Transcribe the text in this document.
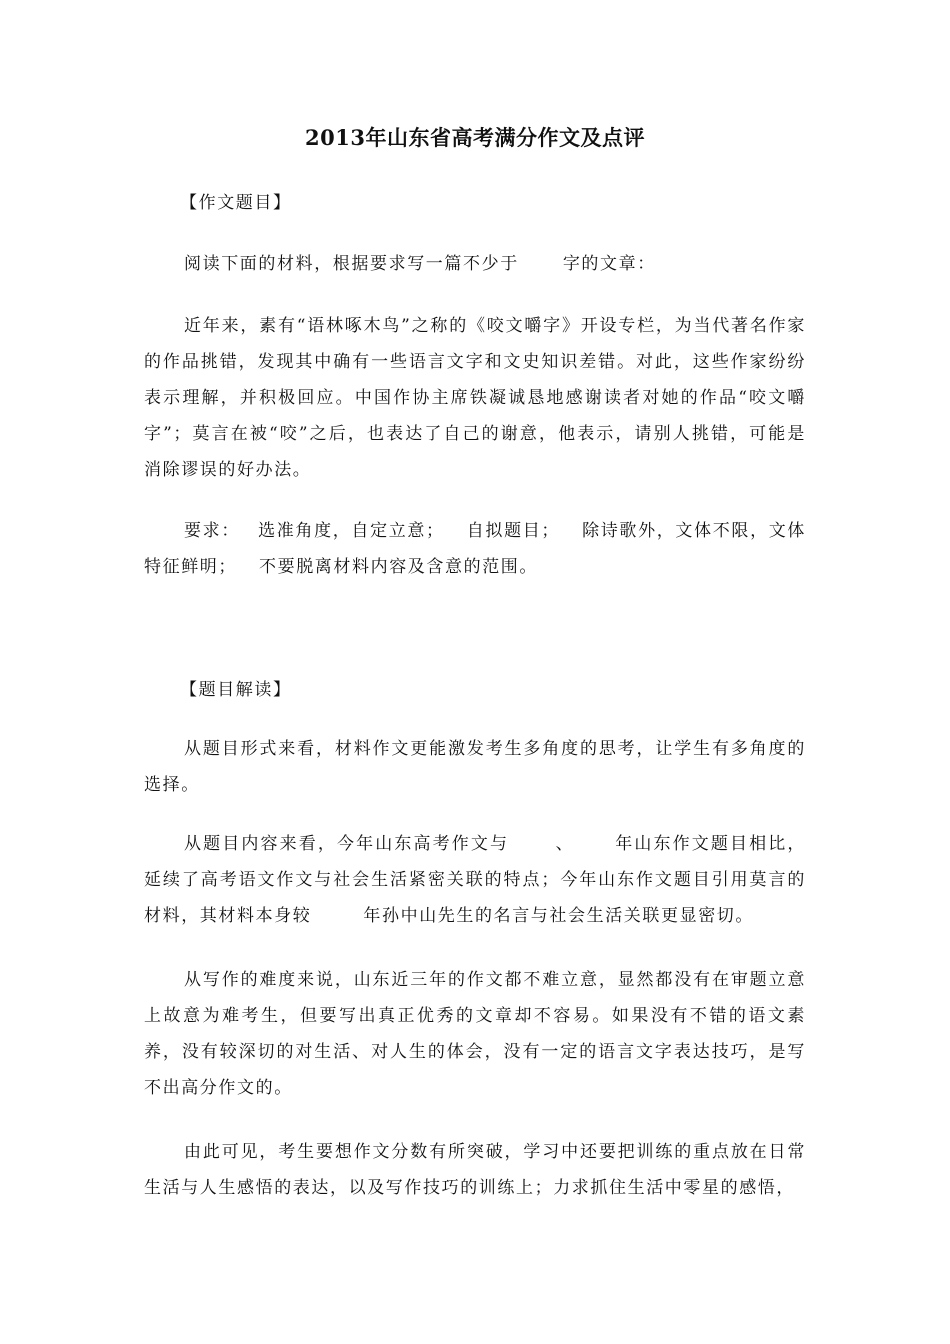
2013年山东省高考满分作文及点评
【作文题目】
阅读下面的材料，根据要求写一篇不少于	字的文章：
近年来，素有“语林啄木鸟”之称的《咬文嚼字》开设专栏，为当代著名作家的作品挑错，发现其中确有一些语言文字和文史知识差错。对此，这些作家纷纷表示理解，并积极回应。中国作协主席铁凝诚恳地感谢读者对她的作品“咬文嚼字”；莫言在被“咬”之后，也表达了自己的谢意，他表示，请别人挑错，可能是消除谬误的好办法。
要求： 选准角度，自定立意； 自拟题目； 除诗歌外，文体不限，文体特征鲜明； 不要脱离材料内容及含意的范围。
【题目解读】
从题目形式来看，材料作文更能激发考生多角度的思考，让学生有多角度的选择。
从题目内容来看，今年山东高考作文与	、 年山东作文题目相比，延续了高考语文作文与社会生活紧密关联的特点；今年山东作文题目引用莫言的材料，其材料本身较	年孙中山先生的名言与社会生活关联更显密切。
从写作的难度来说，山东近三年的作文都不难立意，显然都没有在审题立意上故意为难考生，但要写出真正优秀的文章却不容易。如果没有不错的语文素养，没有较深切的对生活、对人生的体会，没有一定的语言文字表达技巧，是写不出高分作文的。
由此可见，考生要想作文分数有所突破，学习中还要把训练的重点放在日常生活与人生感悟的表达，以及写作技巧的训练上；力求抓住生活中零星的感悟，
